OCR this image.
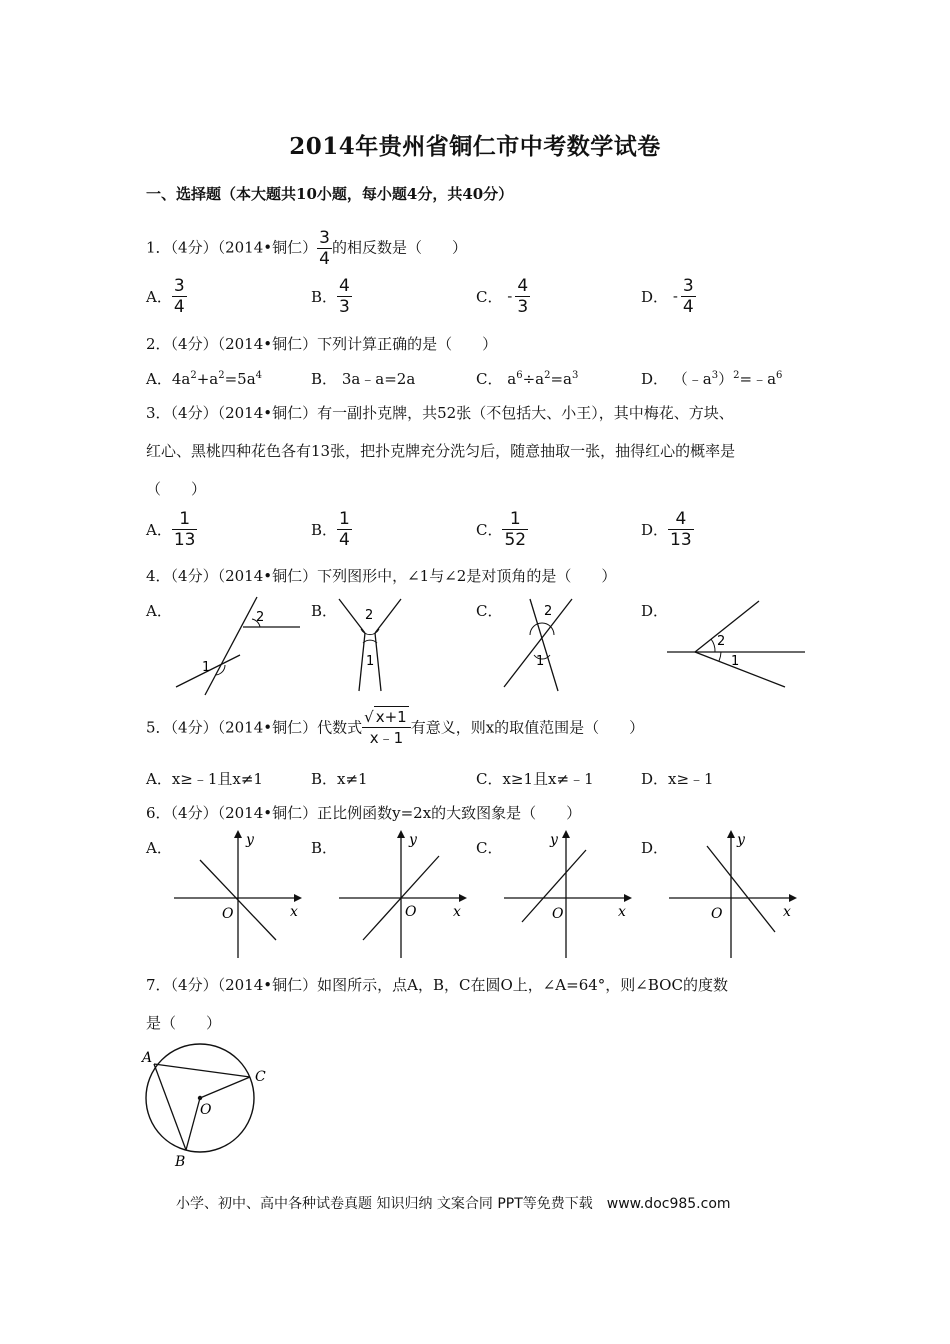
2014年贵州省铜仁市中考数学试卷
一、选择题（本大题共10小题，每小题4分，共40分）
1．（4分）（2014•铜仁） $\frac{3}{4}$ 的相反数是（　　）
A． $\frac{3}{4}$	B． $\frac{4}{3}$	C． - $\frac{4}{3}$	D． - $\frac{3}{4}$
2．（4分）（2014•铜仁）下列计算正确的是（　　）
A．$4a^2+a^2=5a^4$	B． 3a﹣a=2a	C． $a^6\div a^2=a^3$	D． $(﹣a^3)^2=﹣a^6$
3．（4分）（2014•铜仁）有一副扑克牌，共52张（不包括大、小王），其中梅花、方块、
红心、黑桃四种花色各有13张，把扑克牌充分洗匀后，随意抽取一张，抽得红心的概率是
（　　）
A． $\frac{1}{13}$	B． $\frac{1}{4}$	C． $\frac{1}{52}$	D． $\frac{4}{13}$
4．（4分）（2014•铜仁）下列图形中，∠1与∠2是对顶角的是（　　）
A．	B．	C．	D．
1
2	2
1
2
1
2
1
5．（4分）（2014•铜仁）代数式 $\frac{√ x+1}{x﹣1}$ 有意义，则x的取值范围是（　　）
A．x≥﹣1且x≠1	B．x≠1	C．x≥1且x≠﹣1	D．x≥﹣1
6．（4分）（2014•铜仁）正比例函数y=2x的大致图象是（　　）
A．	B．	C．	D．
y
x
O
y
x
O
y
x
O
y
x
O
7．（4分）（2014•铜仁）如图所示，点A，B，C在圆O上，∠A=64°，则∠BOC的度数
是（　　）
A
C
O
B
小学、初中、高中各种试卷真题 知识归纳 文案合同 PPT等免费下载　www.doc985.com
